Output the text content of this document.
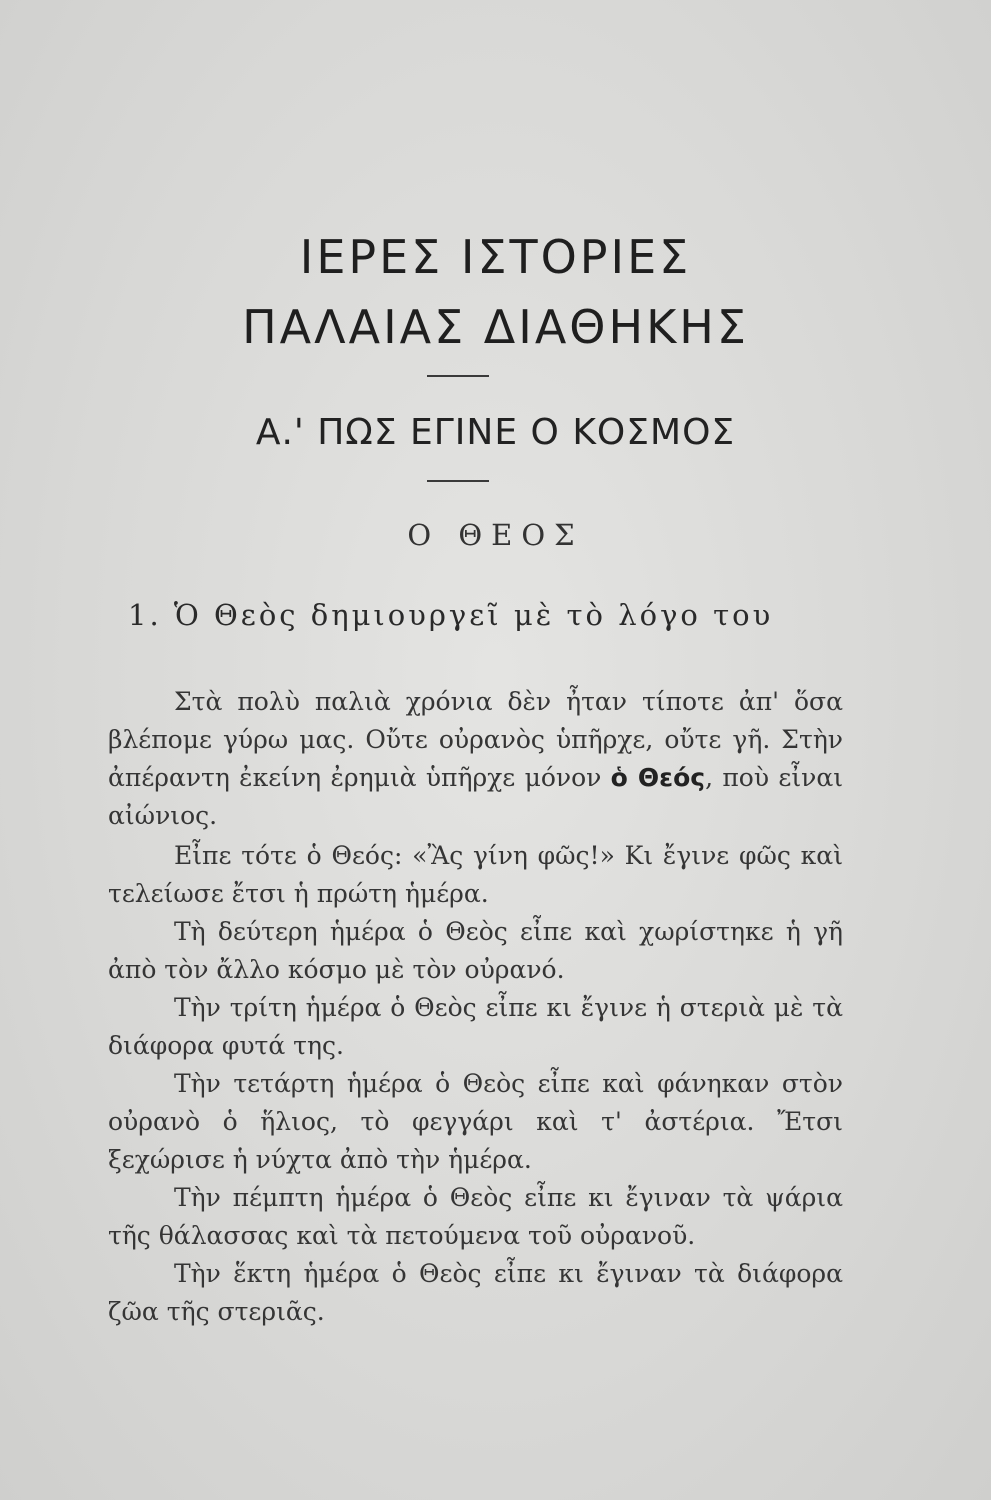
ΙΕΡΕΣ ΙΣΤΟΡΙΕΣ
ΠΑΛΑΙΑΣ ΔΙΑΘΗΚΗΣ
Α.' ΠΩΣ ΕΓΙΝΕ Ο ΚΟΣΜΟΣ
Ο ΘΕΟΣ
1. Ὁ Θεὸς δημιουργεῖ μὲ τὸ λόγο του

Στὰ πολὺ παλιὰ χρόνια δὲν ἦταν τίποτε ἀπ' ὅσα βλέπομε γύρω μας. Οὔτε οὐρανὸς ὑπῆρχε, οὔτε γῆ. Στὴν ἀπέραντη ἐκείνη ἐρημιὰ ὑπῆρχε μόνον ὁ Θεός, ποὺ εἶναι αἰώνιος.

Εἶπε τότε ὁ Θεός: «Ἂς γίνη φῶς!» Κι ἔγινε φῶς καὶ τελείωσε ἔτσι ἡ πρώτη ἡμέρα.

Τὴ δεύτερη ἡμέρα ὁ Θεὸς εἶπε καὶ χωρίστηκε ἡ γῆ ἀπὸ τὸν ἄλλο κόσμο μὲ τὸν οὐρανό.

Τὴν τρίτη ἡμέρα ὁ Θεὸς εἶπε κι ἔγινε ἡ στεριὰ μὲ τὰ διάφορα φυτά της.

Τὴν τετάρτη ἡμέρα ὁ Θεὸς εἶπε καὶ φάνηκαν στὸν οὐρανὸ ὁ ἥλιος, τὸ φεγγάρι καὶ τ' ἀστέρια. Ἔτσι ξεχώρισε ἡ νύχτα ἀπὸ τὴν ἡμέρα.

Τὴν πέμπτη ἡμέρα ὁ Θεὸς εἶπε κι ἔγιναν τὰ ψάρια τῆς θάλασσας καὶ τὰ πετούμενα τοῦ οὐρανοῦ.

Τὴν ἕκτη ἡμέρα ὁ Θεὸς εἶπε κι ἔγιναν τὰ διάφορα ζῶα τῆς στεριᾶς.
